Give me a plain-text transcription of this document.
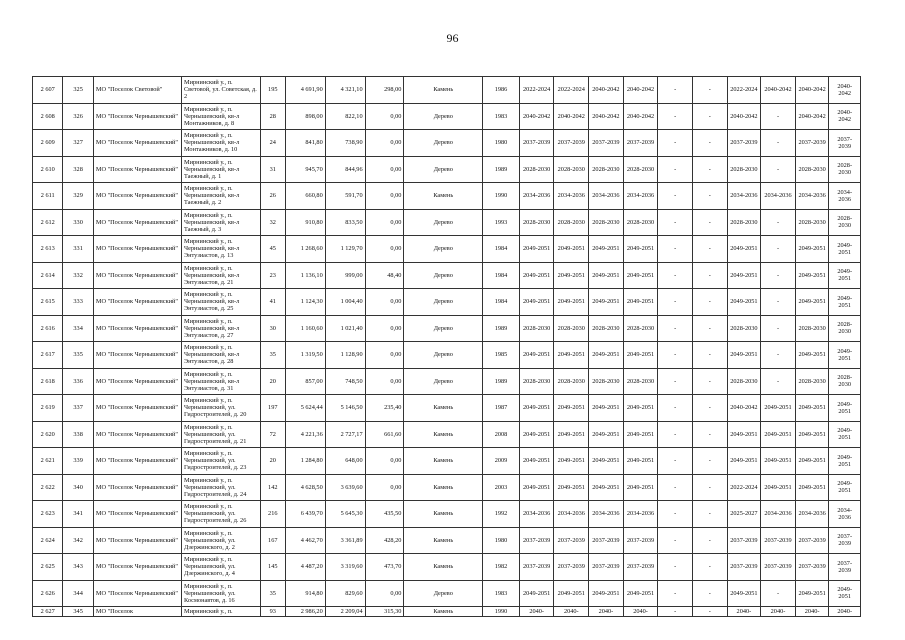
96
2 607	325	МО "Поселок Световой"	Мирнинский у., п. Световой, ул. Советская, д. 2	195	4 691,90	4 321,10	298,00	Камень	1986	2022-2024	2022-2024	2040-2042	2040-2042	-	-	2022-2024	2040-2042	2040-2042	2040-2042
2 608	326	МО "Поселок Чернышевский"	Мирнинский у., п. Чернышевский, кв-л Монтажников, д. 8	28	898,00	822,10	0,00	Дерево	1983	2040-2042	2040-2042	2040-2042	2040-2042	-	-	2040-2042	-	2040-2042	2040-2042
2 609	327	МО "Поселок Чернышевский"	Мирнинский у., п. Чернышевский, кв-л Монтажников, д. 10	24	841,80	738,90	0,00	Дерево	1980	2037-2039	2037-2039	2037-2039	2037-2039	-	-	2037-2039	-	2037-2039	2037-2039
2 610	328	МО "Поселок Чернышевский"	Мирнинский у., п. Чернышевский, кв-л Таежный, д. 1	31	945,70	844,96	0,00	Дерево	1989	2028-2030	2028-2030	2028-2030	2028-2030	-	-	2028-2030	-	2028-2030	2028-2030
2 611	329	МО "Поселок Чернышевский"	Мирнинский у., п. Чернышевский, кв-л Таежный, д. 2	26	660,80	591,70	0,00	Камень	1990	2034-2036	2034-2036	2034-2036	2034-2036	-	-	2034-2036	2034-2036	2034-2036	2034-2036
2 612	330	МО "Поселок Чернышевский"	Мирнинский у., п. Чернышевский, кв-л Таежный, д. 3	32	910,80	833,50	0,00	Дерево	1993	2028-2030	2028-2030	2028-2030	2028-2030	-	-	2028-2030	-	2028-2030	2028-2030
2 613	331	МО "Поселок Чернышевский"	Мирнинский у., п. Чернышевский, кв-л Энтузиастов, д. 13	45	1 268,60	1 129,70	0,00	Дерево	1984	2049-2051	2049-2051	2049-2051	2049-2051	-	-	2049-2051	-	2049-2051	2049-2051
2 614	332	МО "Поселок Чернышевский"	Мирнинский у., п. Чернышевский, кв-л Энтузиастов, д. 21	23	1 136,10	999,00	48,40	Дерево	1984	2049-2051	2049-2051	2049-2051	2049-2051	-	-	2049-2051	-	2049-2051	2049-2051
2 615	333	МО "Поселок Чернышевский"	Мирнинский у., п. Чернышевский, кв-л Энтузиастов, д. 25	41	1 124,30	1 004,40	0,00	Дерево	1984	2049-2051	2049-2051	2049-2051	2049-2051	-	-	2049-2051	-	2049-2051	2049-2051
2 616	334	МО "Поселок Чернышевский"	Мирнинский у., п. Чернышевский, кв-л Энтузиастов, д. 27	30	1 160,60	1 021,40	0,00	Дерево	1989	2028-2030	2028-2030	2028-2030	2028-2030	-	-	2028-2030	-	2028-2030	2028-2030
2 617	335	МО "Поселок Чернышевский"	Мирнинский у., п. Чернышевский, кв-л Энтузиастов, д. 28	35	1 319,50	1 128,90	0,00	Дерево	1985	2049-2051	2049-2051	2049-2051	2049-2051	-	-	2049-2051	-	2049-2051	2049-2051
2 618	336	МО "Поселок Чернышевский"	Мирнинский у., п. Чернышевский, кв-л Энтузиастов, д. 31	20	857,00	748,50	0,00	Дерево	1989	2028-2030	2028-2030	2028-2030	2028-2030	-	-	2028-2030	-	2028-2030	2028-2030
2 619	337	МО "Поселок Чернышевский"	Мирнинский у., п. Чернышевский, ул. Гидростроителей, д. 20	197	5 624,44	5 146,50	235,40	Камень	1987	2049-2051	2049-2051	2049-2051	2049-2051	-	-	2040-2042	2049-2051	2049-2051	2049-2051
2 620	338	МО "Поселок Чернышевский"	Мирнинский у., п. Чернышевский, ул. Гидростроителей, д. 21	72	4 221,36	2 727,17	661,60	Камень	2008	2049-2051	2049-2051	2049-2051	2049-2051	-	-	2049-2051	2049-2051	2049-2051	2049-2051
2 621	339	МО "Поселок Чернышевский"	Мирнинский у., п. Чернышевский, ул. Гидростроителей, д. 23	20	1 284,80	648,00	0,00	Камень	2009	2049-2051	2049-2051	2049-2051	2049-2051	-	-	2049-2051	2049-2051	2049-2051	2049-2051
2 622	340	МО "Поселок Чернышевский"	Мирнинский у., п. Чернышевский, ул. Гидростроителей, д. 24	142	4 628,50	3 639,60	0,00	Камень	2003	2049-2051	2049-2051	2049-2051	2049-2051	-	-	2022-2024	2049-2051	2049-2051	2049-2051
2 623	341	МО "Поселок Чернышевский"	Мирнинский у., п. Чернышевский, ул. Гидростроителей, д. 26	216	6 439,70	5 645,30	435,50	Камень	1992	2034-2036	2034-2036	2034-2036	2034-2036	-	-	2025-2027	2034-2036	2034-2036	2034-2036
2 624	342	МО "Поселок Чернышевский"	Мирнинский у., п. Чернышевский, ул. Дзержинского, д. 2	167	4 462,70	3 361,89	428,20	Камень	1980	2037-2039	2037-2039	2037-2039	2037-2039	-	-	2037-2039	2037-2039	2037-2039	2037-2039
2 625	343	МО "Поселок Чернышевский"	Мирнинский у., п. Чернышевский, ул. Дзержинского, д. 4	145	4 487,20	3 319,60	473,70	Камень	1982	2037-2039	2037-2039	2037-2039	2037-2039	-	-	2037-2039	2037-2039	2037-2039	2037-2039
2 626	344	МО "Поселок Чернышевский"	Мирнинский у., п. Чернышевский, ул. Космонавтов, д. 16	35	914,80	829,60	0,00	Дерево	1983	2049-2051	2049-2051	2049-2051	2049-2051	-	-	2049-2051	-	2049-2051	2049-2051
2 627	345	МО "Поселок	Мирнинский у., п.	93	2 986,20	2 209,04	315,30	Камень	1990	2040-	2040-	2040-	2040-	-	-	2040-	2040-	2040-	2040-
